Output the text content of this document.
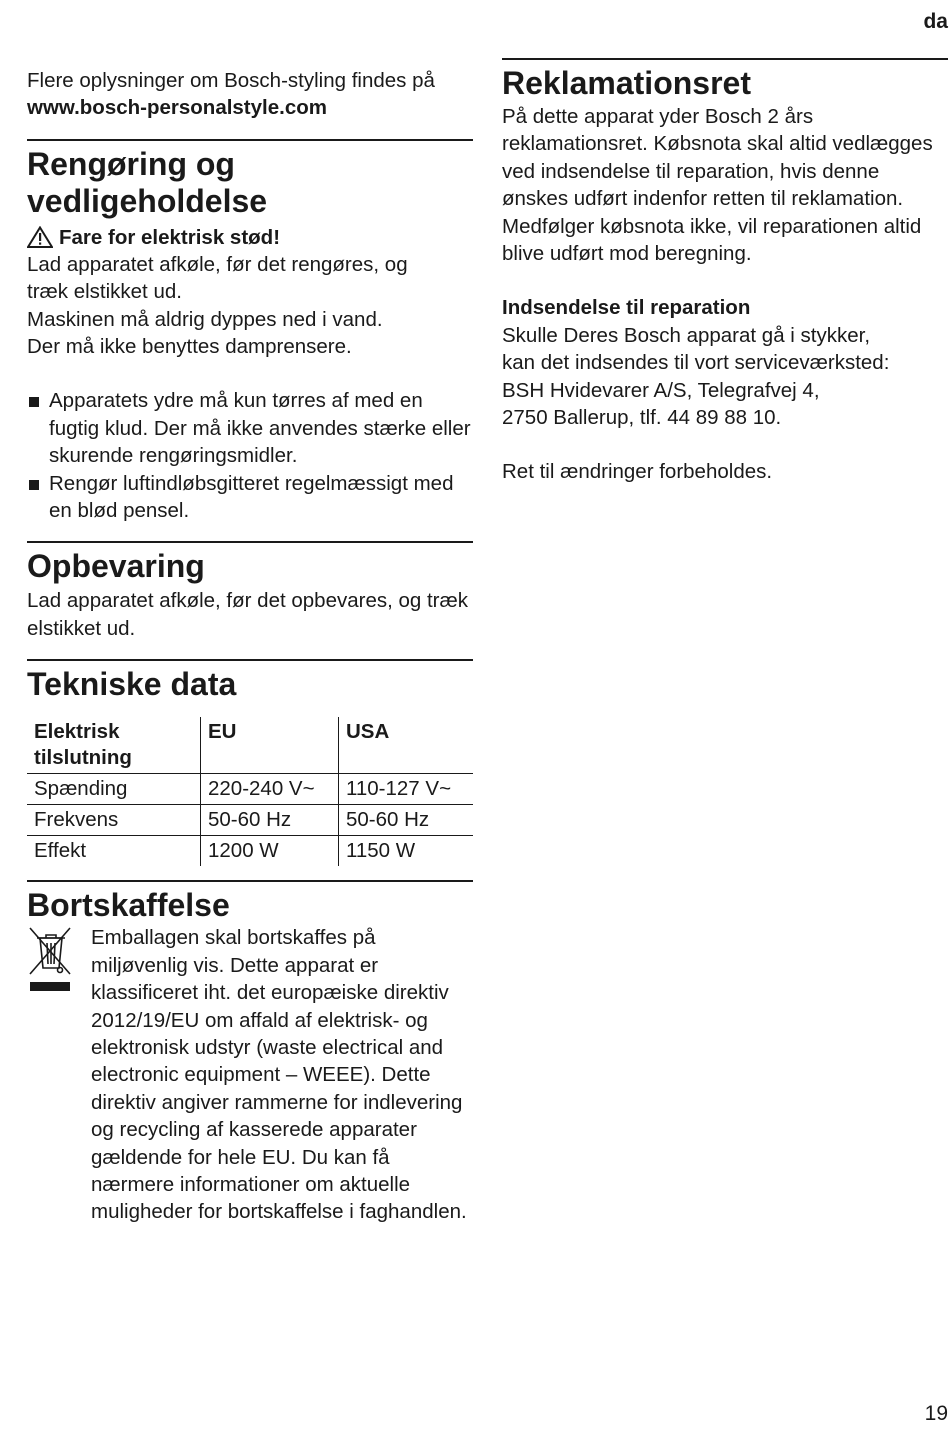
da

Flere oplysninger om Bosch-styling findes på www.bosch-personalstyle.com

Rengøring og
vedligeholdelse
Fare for elektrisk stød!

Lad apparatet afkøle, før det rengøres, og

træk elstikket ud.

Maskinen må aldrig dyppes ned i vand.

Der må ikke benyttes damprensere.

Apparatets ydre må kun tørres af med en fugtig klud. Der må ikke anvendes stærke eller skurende rengøringsmidler.
Rengør luftindløbsgitteret regelmæssigt med en blød pensel.
Opbevaring

Lad apparatet afkøle, før det opbevares, og træk elstikket ud.

Tekniske data
Elektrisk tilslutning	EU	USA
Spænding	220-240 V~	110-127 V~
Frekvens	50-60 Hz	50-60 Hz
Effekt	1200 W	1150 W
Bortskaffelse

Emballagen skal bortskaffes på miljøvenlig vis. Dette apparat er klassificeret iht. det europæiske direktiv 2012/19/EU om affald af elektrisk- og elektronisk udstyr (waste electrical and electronic equipment – WEEE). Dette direktiv angiver rammerne for indlevering og recycling af kasserede apparater gældende for hele EU. Du kan få nærmere informationer om aktuelle muligheder for bortskaffelse i faghandlen.

Reklamationsret

På dette apparat yder Bosch 2 års reklamationsret. Købsnota skal altid vedlægges ved indsendelse til reparation, hvis denne ønskes udført indenfor retten til reklamation. Medfølger købsnota ikke, vil reparationen altid blive udført mod beregning.

Indsendelse til reparation

Skulle Deres Bosch apparat gå i stykker,

kan det indsendes til vort serviceværksted:

BSH Hvidevarer A/S, Telegrafvej 4,

2750 Ballerup, tlf. 44 89 88 10.

Ret til ændringer forbeholdes.

19
